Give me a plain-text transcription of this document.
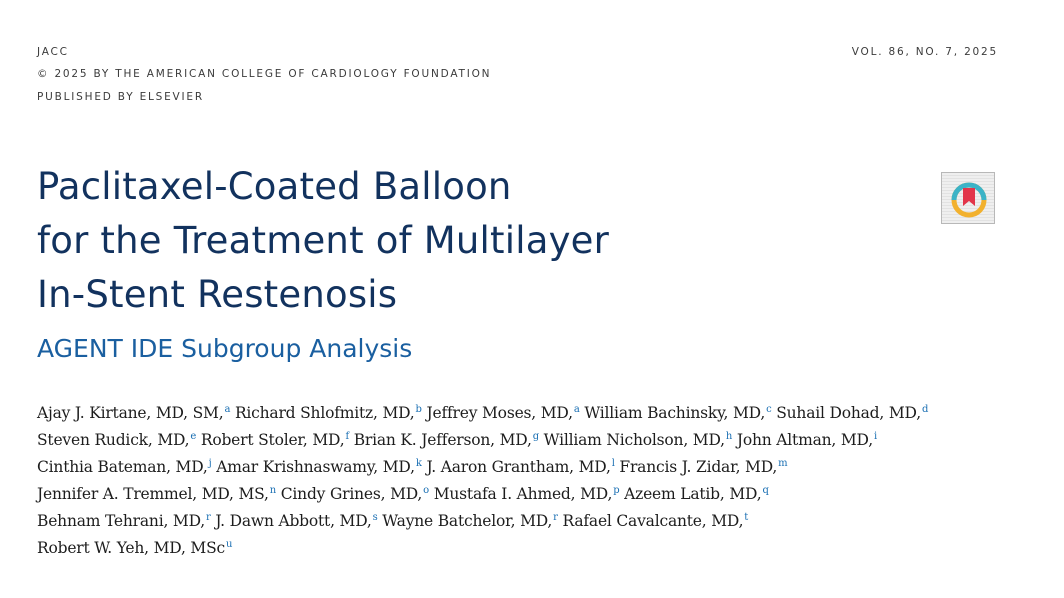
JACC
© 2025 BY THE AMERICAN COLLEGE OF CARDIOLOGY FOUNDATION
PUBLISHED BY ELSEVIER
VOL. 86, NO. 7, 2025
Paclitaxel-Coated Balloon
for the Treatment of Multilayer
In-Stent Restenosis
AGENT IDE Subgroup Analysis
Ajay J. Kirtane, MD, SM,$^a$ Richard Shlofmitz, MD,$^b$ Jeffrey Moses, MD,$^a$ William Bachinsky, MD,$^c$ Suhail Dohad, MD,$^d$
Steven Rudick, MD,$^e$ Robert Stoler, MD,$^f$ Brian K. Jefferson, MD,$^g$ William Nicholson, MD,$^h$ John Altman, MD,$^i$
Cinthia Bateman, MD,$^j$ Amar Krishnaswamy, MD,$^k$ J. Aaron Grantham, MD,$^l$ Francis J. Zidar, MD,$^m$
Jennifer A. Tremmel, MD, MS,$^n$ Cindy Grines, MD,$^o$ Mustafa I. Ahmed, MD,$^p$ Azeem Latib, MD,$^q$
Behnam Tehrani, MD,$^r$ J. Dawn Abbott, MD,$^s$ Wayne Batchelor, MD,$^r$ Rafael Cavalcante, MD,$^t$
Robert W. Yeh, MD, MSc$^u$
